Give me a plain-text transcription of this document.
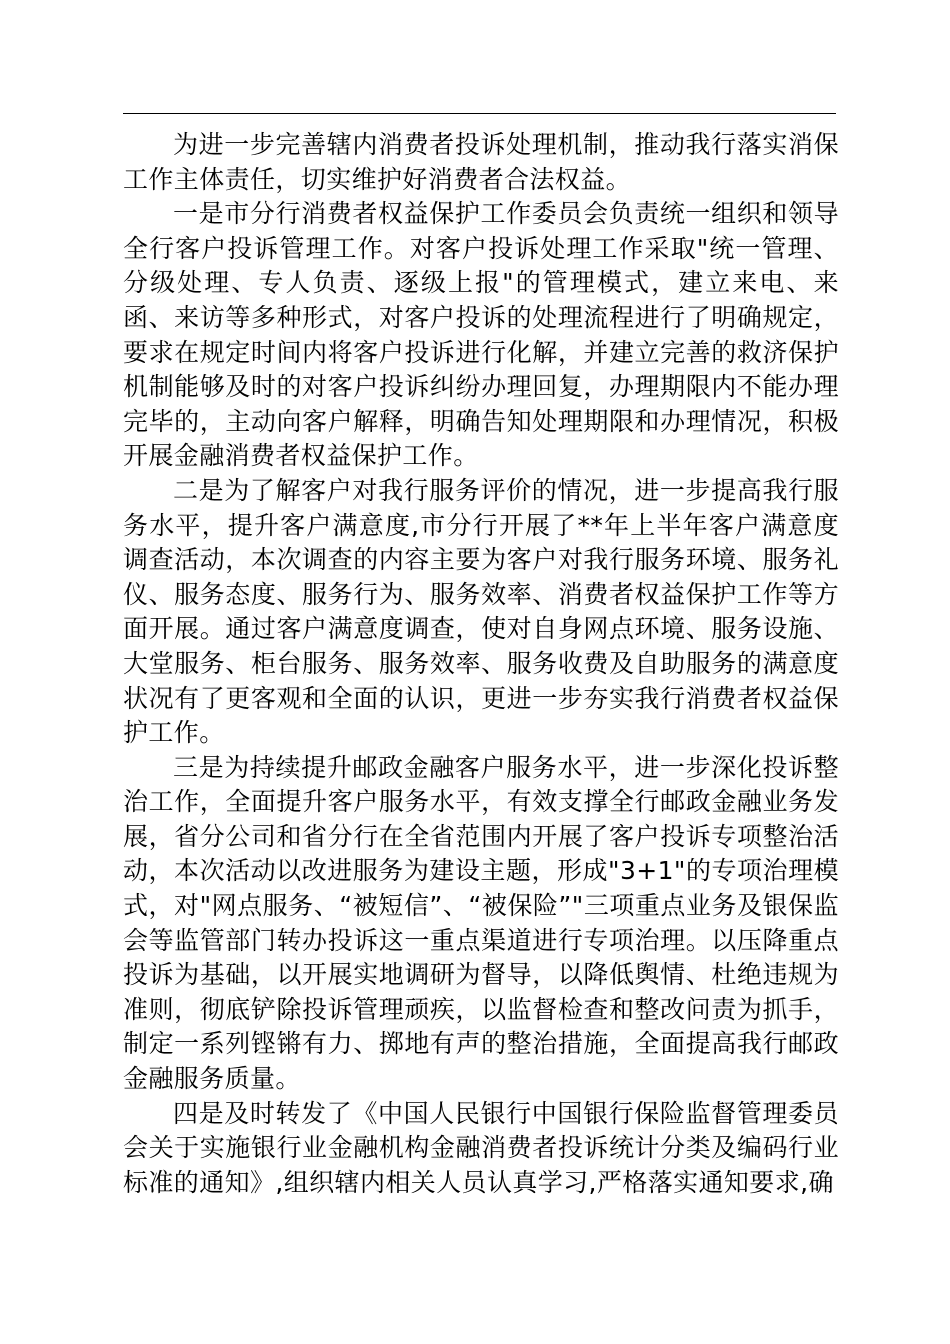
为进一步完善辖内消费者投诉处理机制，推动我行落实消保工作主体责任，切实维护好消费者合法权益。

一是市分行消费者权益保护工作委员会负责统一组织和领导全行客户投诉管理工作。对客户投诉处理工作采取"统一管理、分级处理、专人负责、逐级上报"的管理模式，建立来电、来函、来访等多种形式，对客户投诉的处理流程进行了明确规定，要求在规定时间内将客户投诉进行化解，并建立完善的救济保护机制能够及时的对客户投诉纠纷办理回复，办理期限内不能办理完毕的，主动向客户解释，明确告知处理期限和办理情况，积极开展金融消费者权益保护工作。

二是为了解客户对我行服务评价的情况，进一步提高我行服务水平，提升客户满意度,市分行开展了**年上半年客户满意度调查活动，本次调查的内容主要为客户对我行服务环境、服务礼仪、服务态度、服务行为、服务效率、消费者权益保护工作等方面开展。通过客户满意度调查，使对自身网点环境、服务设施、大堂服务、柜台服务、服务效率、服务收费及自助服务的满意度状况有了更客观和全面的认识，更进一步夯实我行消费者权益保护工作。

三是为持续提升邮政金融客户服务水平，进一步深化投诉整治工作，全面提升客户服务水平，有效支撑全行邮政金融业务发展，省分公司和省分行在全省范围内开展了客户投诉专项整治活动，本次活动以改进服务为建设主题，形成"3+1"的专项治理模式，对"网点服务、“被短信”、“被保险”"三项重点业务及银保监会等监管部门转办投诉这一重点渠道进行专项治理。以压降重点投诉为基础，以开展实地调研为督导，以降低舆情、杜绝违规为准则，彻底铲除投诉管理顽疾，以监督检查和整改问责为抓手，制定一系列铿锵有力、掷地有声的整治措施，全面提高我行邮政金融服务质量。

四是及时转发了《中国人民银行中国银行保险监督管理委员会关于实施银行业金融机构金融消费者投诉统计分类及编码行业标准的通知》,组织辖内相关人员认真学习,严格落实通知要求,确
